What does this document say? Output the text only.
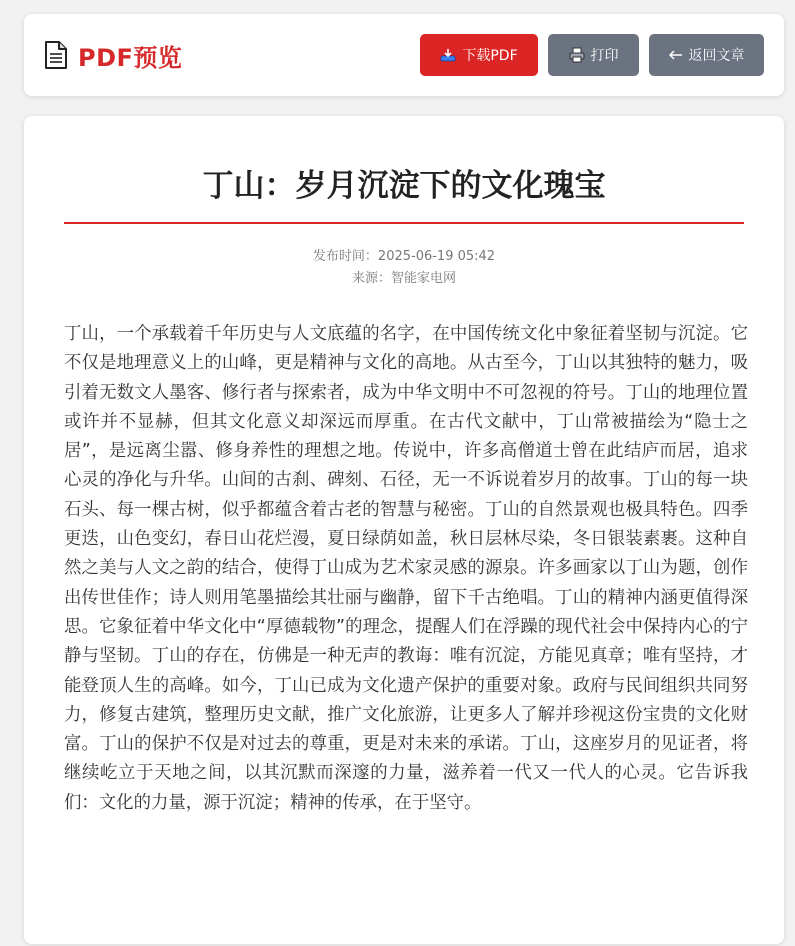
PDF预览	下载PDF	打印	返回文章
丁山：岁月沉淀下的文化瑰宝
发布时间：2025-06-19 05:42
来源：智能家电网

丁山，一个承载着千年历史与人文底蕴的名字，在中国传统文化中象征着坚韧与沉淀。它不仅是地理意义上的山峰，更是精神与文化的高地。从古至今，丁山以其独特的魅力，吸引着无数文人墨客、修行者与探索者，成为中华文明中不可忽视的符号。丁山的地理位置或许并不显赫，但其文化意义却深远而厚重。在古代文献中，丁山常被描绘为“隐士之居”，是远离尘嚣、修身养性的理想之地。传说中，许多高僧道士曾在此结庐而居，追求心灵的净化与升华。山间的古刹、碑刻、石径，无一不诉说着岁月的故事。丁山的每一块石头、每一棵古树，似乎都蕴含着古老的智慧与秘密。丁山的自然景观也极具特色。四季更迭，山色变幻，春日山花烂漫，夏日绿荫如盖，秋日层林尽染，冬日银装素裹。这种自然之美与人文之韵的结合，使得丁山成为艺术家灵感的源泉。许多画家以丁山为题，创作出传世佳作；诗人则用笔墨描绘其壮丽与幽静，留下千古绝唱。丁山的精神内涵更值得深思。它象征着中华文化中“厚德载物”的理念，提醒人们在浮躁的现代社会中保持内心的宁静与坚韧。丁山的存在，仿佛是一种无声的教诲：唯有沉淀，方能见真章；唯有坚持，才能登顶人生的高峰。如今，丁山已成为文化遗产保护的重要对象。政府与民间组织共同努力，修复古建筑，整理历史文献，推广文化旅游，让更多人了解并珍视这份宝贵的文化财富。丁山的保护不仅是对过去的尊重，更是对未来的承诺。丁山，这座岁月的见证者，将继续屹立于天地之间，以其沉默而深邃的力量，滋养着一代又一代人的心灵。它告诉我们：文化的力量，源于沉淀；精神的传承，在于坚守。
